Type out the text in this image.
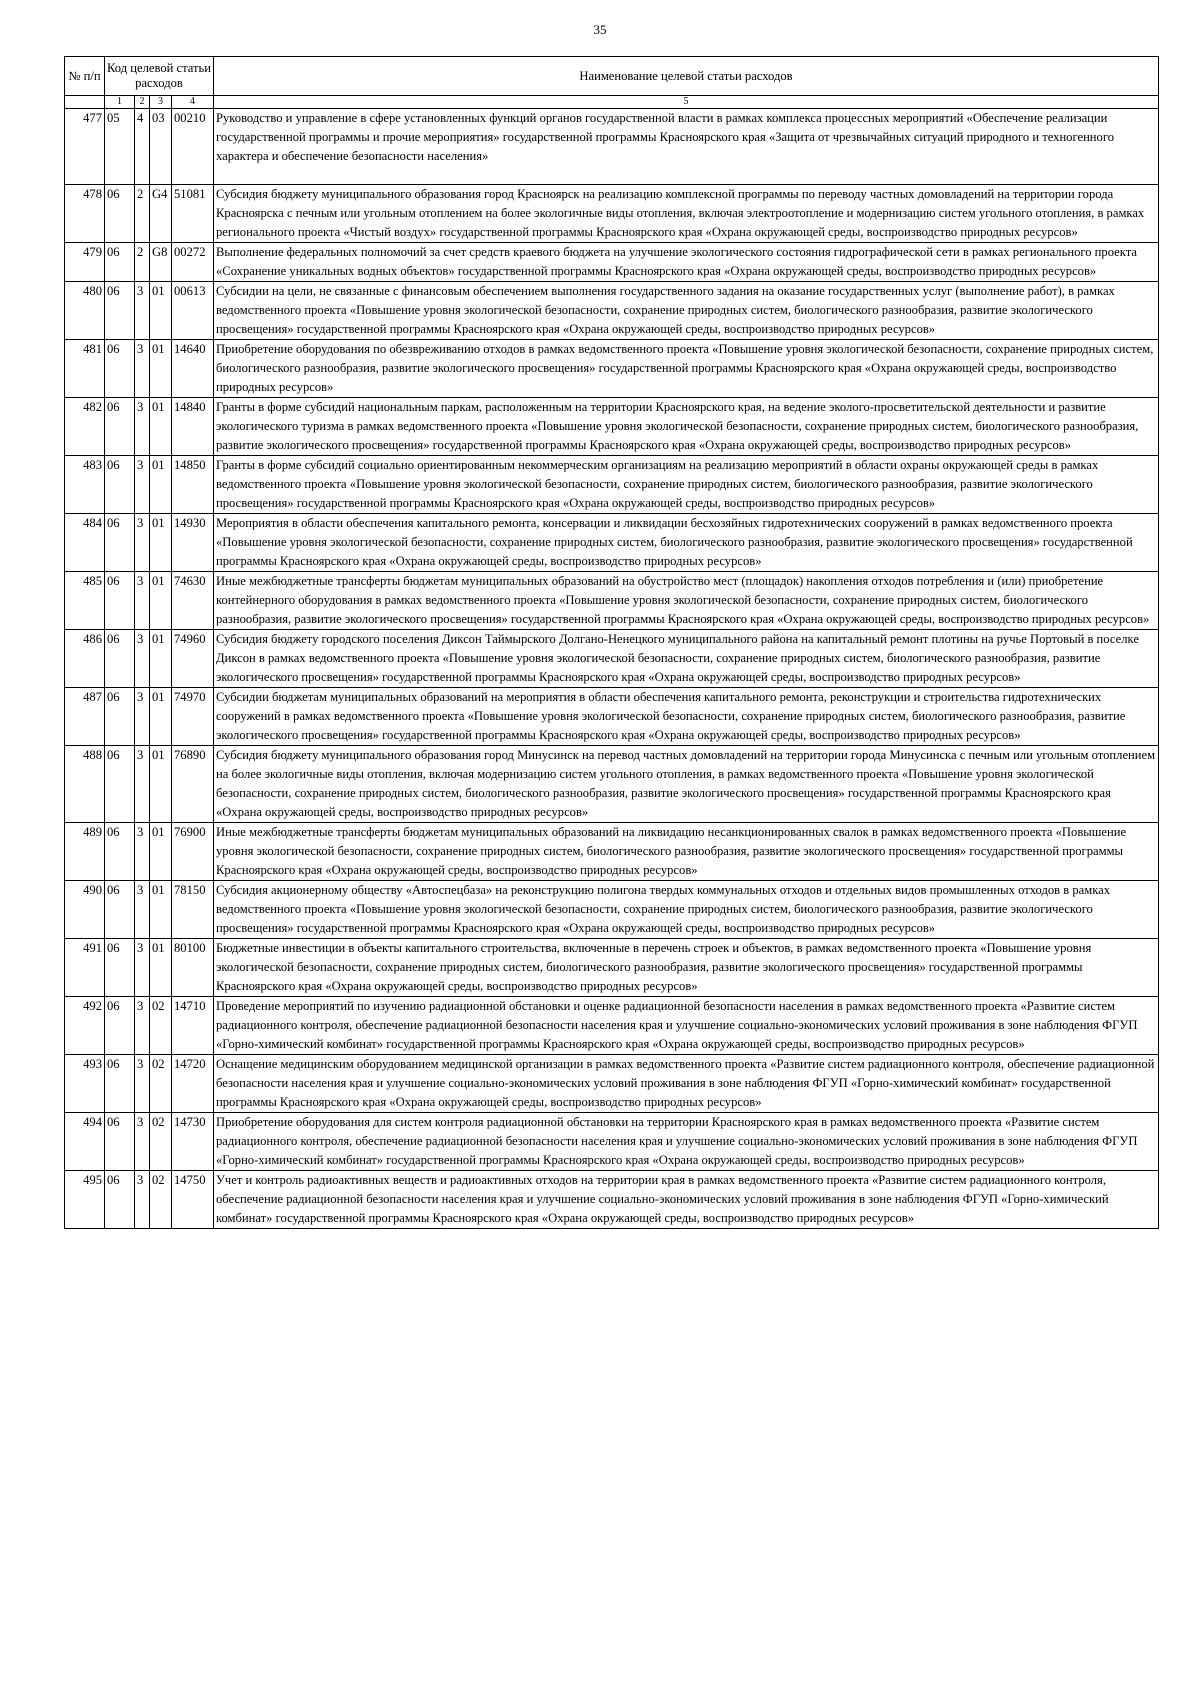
35
№ п/п	Код целевой статьи расходов				Наименование целевой статьи расходов
	1	2	3	4	5
477	05	4	03	00210	Руководство и управление в сфере установленных функций органов государственной власти в рамках комплекса процессных мероприятий «Обеспечение реализации государственной программы и прочие мероприятия» государственной программы Красноярского края «Защита от чрезвычайных ситуаций природного и техногенного характера и обеспечение безопасности населения»
478	06	2	G4	51081	Субсидия бюджету муниципального образования город Красноярск на реализацию комплексной программы по переводу частных домовладений на территории города Красноярска с печным или угольным отоплением на более экологичные виды отопления, включая электроотопление и модернизацию систем угольного отопления, в рамках регионального проекта «Чистый воздух» государственной программы Красноярского края «Охрана окружающей среды, воспроизводство природных ресурсов»
479	06	2	G8	00272	Выполнение федеральных полномочий за счет средств краевого бюджета на улучшение экологического состояния гидрографической сети в рамках регионального проекта «Сохранение уникальных водных объектов» государственной программы Красноярского края «Охрана окружающей среды, воспроизводство природных ресурсов»
480	06	3	01	00613	Субсидии на цели, не связанные с финансовым обеспечением выполнения государственного задания на оказание государственных услуг (выполнение работ), в рамках ведомственного проекта «Повышение уровня экологической безопасности, сохранение природных систем, биологического разнообразия, развитие экологического просвещения» государственной программы Красноярского края «Охрана окружающей среды, воспроизводство природных ресурсов»
481	06	3	01	14640	Приобретение оборудования по обезвреживанию отходов в рамках ведомственного проекта «Повышение уровня экологической безопасности, сохранение природных систем, биологического разнообразия, развитие экологического просвещения» государственной программы Красноярского края «Охрана окружающей среды, воспроизводство природных ресурсов»
482	06	3	01	14840	Гранты в форме субсидий национальным паркам, расположенным на территории Красноярского края, на ведение эколого-просветительской деятельности и развитие экологического туризма в рамках ведомственного проекта «Повышение уровня экологической безопасности, сохранение природных систем, биологического разнообразия, развитие экологического просвещения» государственной программы Красноярского края «Охрана окружающей среды, воспроизводство природных ресурсов»
483	06	3	01	14850	Гранты в форме субсидий социально ориентированным некоммерческим организациям на реализацию мероприятий в области охраны окружающей среды в рамках ведомственного проекта «Повышение уровня экологической безопасности, сохранение природных систем, биологического разнообразия, развитие экологического просвещения» государственной программы Красноярского края «Охрана окружающей среды, воспроизводство природных ресурсов»
484	06	3	01	14930	Мероприятия в области обеспечения капитального ремонта, консервации и ликвидации бесхозяйных гидротехнических сооружений в рамках ведомственного проекта «Повышение уровня экологической безопасности, сохранение природных систем, биологического разнообразия, развитие экологического просвещения» государственной программы Красноярского края «Охрана окружающей среды, воспроизводство природных ресурсов»
485	06	3	01	74630	Иные межбюджетные трансферты бюджетам муниципальных образований на обустройство мест (площадок) накопления отходов потребления и (или) приобретение контейнерного оборудования в рамках ведомственного проекта «Повышение уровня экологической безопасности, сохранение природных систем, биологического разнообразия, развитие экологического просвещения» государственной программы Красноярского края «Охрана окружающей среды, воспроизводство природных ресурсов»
486	06	3	01	74960	Субсидия бюджету городского поселения Диксон Таймырского Долгано-Ненецкого муниципального района на капитальный ремонт плотины на ручье Портовый в поселке Диксон в рамках ведомственного проекта «Повышение уровня экологической безопасности, сохранение природных систем, биологического разнообразия, развитие экологического просвещения» государственной программы Красноярского края «Охрана окружающей среды, воспроизводство природных ресурсов»
487	06	3	01	74970	Субсидии бюджетам муниципальных образований на мероприятия в области обеспечения капитального ремонта, реконструкции и строительства гидротехнических сооружений в рамках ведомственного проекта «Повышение уровня экологической безопасности, сохранение природных систем, биологического разнообразия, развитие экологического просвещения» государственной программы Красноярского края «Охрана окружающей среды, воспроизводство природных ресурсов»
488	06	3	01	76890	Субсидия бюджету муниципального образования город Минусинск на перевод частных домовладений на территории города Минусинска с печным или угольным отоплением на более экологичные виды отопления, включая модернизацию систем угольного отопления, в рамках ведомственного проекта «Повышение уровня экологической безопасности, сохранение природных систем, биологического разнообразия, развитие экологического просвещения» государственной программы Красноярского края «Охрана окружающей среды, воспроизводство природных ресурсов»
489	06	3	01	76900	Иные межбюджетные трансферты бюджетам муниципальных образований на ликвидацию несанкционированных свалок в рамках ведомственного проекта «Повышение уровня экологической безопасности, сохранение природных систем, биологического разнообразия, развитие экологического просвещения» государственной программы Красноярского края «Охрана окружающей среды, воспроизводство природных ресурсов»
490	06	3	01	78150	Субсидия акционерному обществу «Автоспецбаза» на реконструкцию полигона твердых коммунальных отходов и отдельных видов промышленных отходов в рамках ведомственного проекта «Повышение уровня экологической безопасности, сохранение природных систем, биологического разнообразия, развитие экологического просвещения» государственной программы Красноярского края «Охрана окружающей среды, воспроизводство природных ресурсов»
491	06	3	01	80100	Бюджетные инвестиции в объекты капитального строительства, включенные в перечень строек и объектов, в рамках ведомственного проекта «Повышение уровня экологической безопасности, сохранение природных систем, биологического разнообразия, развитие экологического просвещения» государственной программы Красноярского края «Охрана окружающей среды, воспроизводство природных ресурсов»
492	06	3	02	14710	Проведение мероприятий по изучению радиационной обстановки и оценке радиационной безопасности населения в рамках ведомственного проекта «Развитие систем радиационного контроля, обеспечение радиационной безопасности населения края и улучшение социально-экономических условий проживания в зоне наблюдения ФГУП «Горно-химический комбинат» государственной программы Красноярского края «Охрана окружающей среды, воспроизводство природных ресурсов»
493	06	3	02	14720	Оснащение медицинским оборудованием медицинской организации в рамках ведомственного проекта «Развитие систем радиационного контроля, обеспечение радиационной безопасности населения края и улучшение социально-экономических условий проживания в зоне наблюдения ФГУП «Горно-химический комбинат» государственной программы Красноярского края «Охрана окружающей среды, воспроизводство природных ресурсов»
494	06	3	02	14730	Приобретение оборудования для систем контроля радиационной обстановки на территории Красноярского края в рамках ведомственного проекта «Развитие систем радиационного контроля, обеспечение радиационной безопасности населения края и улучшение социально-экономических условий проживания в зоне наблюдения ФГУП «Горно-химический комбинат» государственной программы Красноярского края «Охрана окружающей среды, воспроизводство природных ресурсов»
495	06	3	02	14750	Учет и контроль радиоактивных веществ и радиоактивных отходов на территории края в рамках ведомственного проекта «Развитие систем радиационного контроля, обеспечение радиационной безопасности населения края и улучшение социально-экономических условий проживания в зоне наблюдения ФГУП «Горно-химический комбинат» государственной программы Красноярского края «Охрана окружающей среды, воспроизводство природных ресурсов»
